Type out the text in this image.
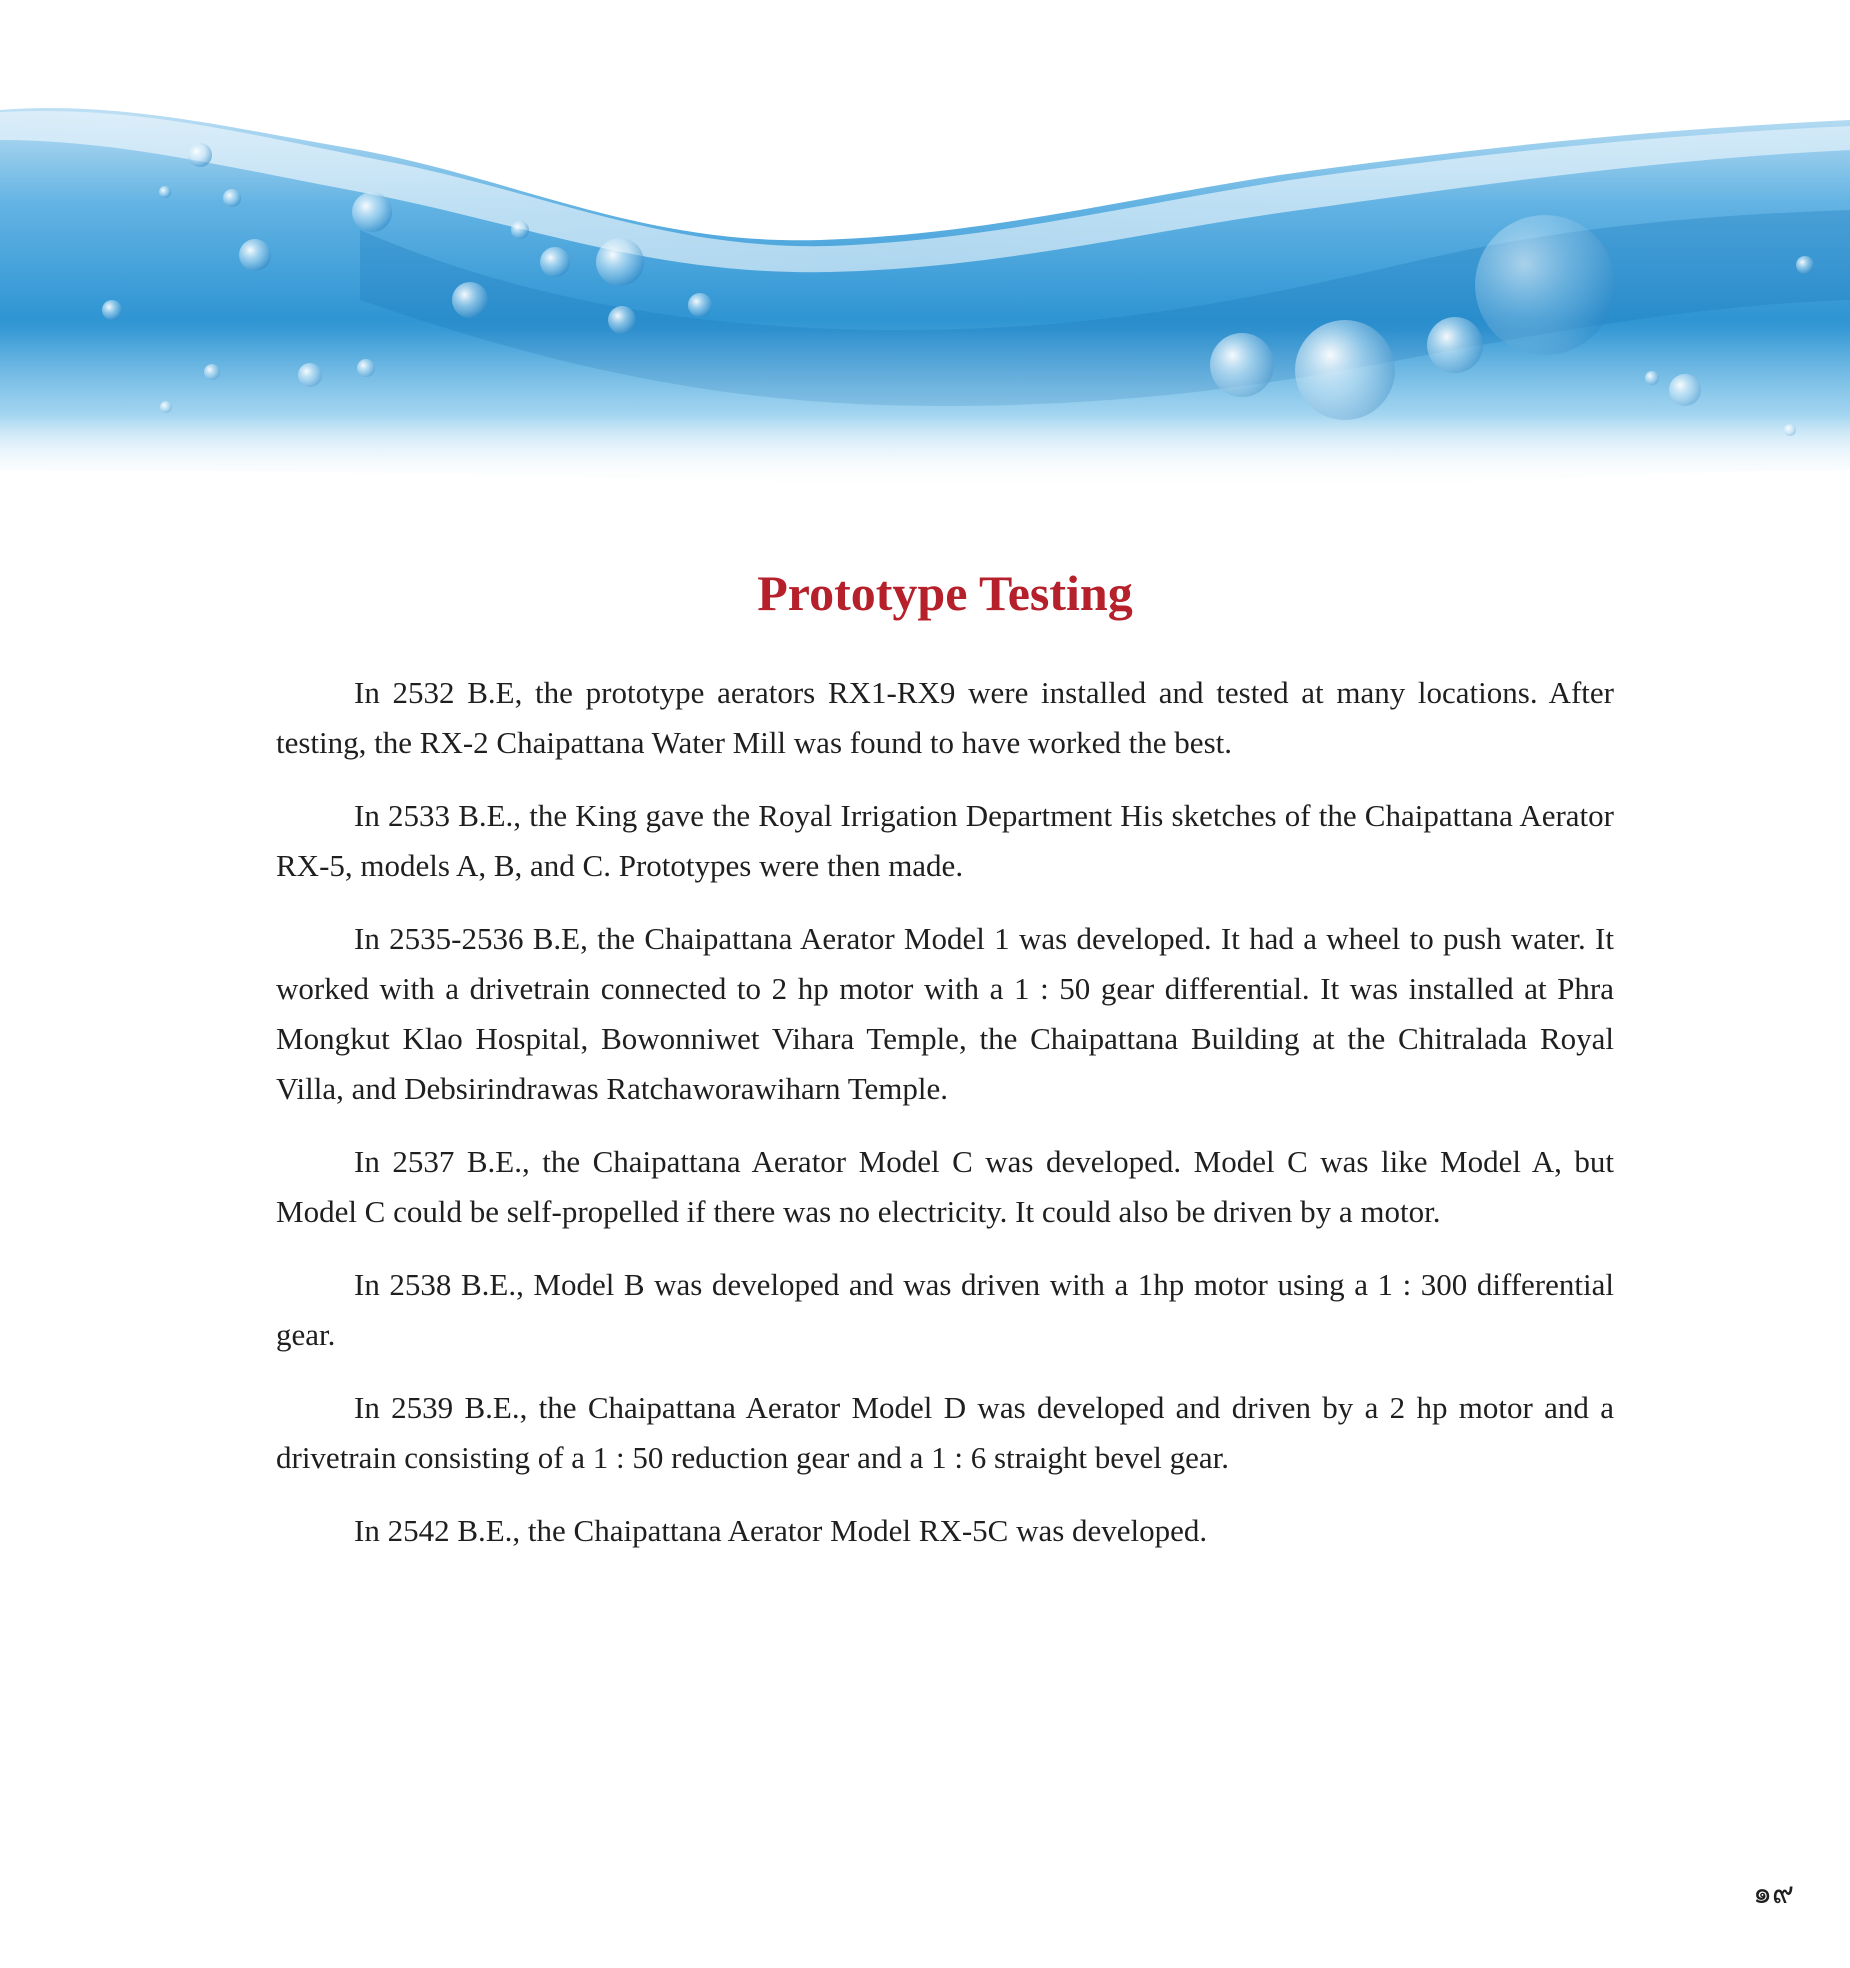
Prototype Testing

In 2532 B.E, the prototype aerators RX1-RX9 were installed and tested at many locations. After testing, the RX-2 Chaipattana Water Mill was found to have worked the best.

In 2533 B.E., the King gave the Royal Irrigation Department His sketches of the Chaipattana Aerator RX-5, models A, B, and C. Prototypes were then made.

In 2535-2536 B.E, the Chaipattana Aerator Model 1 was developed. It had a wheel to push water. It worked with a drivetrain connected to 2 hp motor with a 1 : 50 gear differential. It was installed at Phra Mongkut Klao Hospital, Bowonniwet Vihara Temple, the Chaipattana Building at the Chitralada Royal Villa, and Debsirindrawas Ratchaworawiharn Temple.

In 2537 B.E., the Chaipattana Aerator Model C was developed. Model C was like Model A, but Model C could be self-propelled if there was no electricity. It could also be driven by a motor.

In 2538 B.E., Model B was developed and was driven with a 1hp motor using a 1 : 300 differential gear.

In 2539 B.E., the Chaipattana Aerator Model D was developed and driven by a 2 hp motor and a drivetrain consisting of a 1 : 50 reduction gear and a 1 : 6 straight bevel gear.

In 2542 B.E., the Chaipattana Aerator Model RX-5C was developed.

๑๙
